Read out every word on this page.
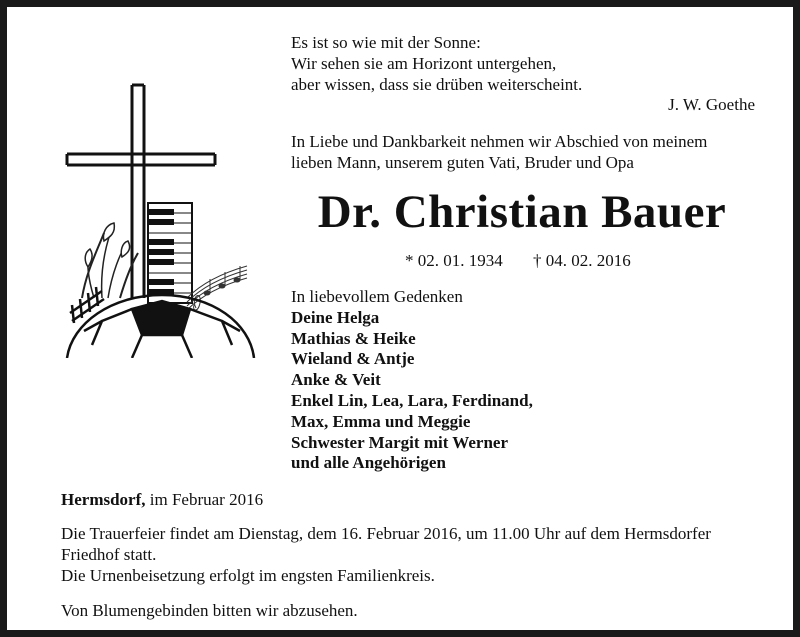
Es ist so wie mit der Sonne:
Wir sehen sie am Horizont untergehen,
aber wissen, dass sie drüben weiterscheint.
J. W. Goethe
In Liebe und Dankbarkeit nehmen wir Abschied von meinem
lieben Mann, unserem guten Vati, Bruder und Opa
Dr. Christian Bauer
* 02. 01. 1934 † 04. 02. 2016
In liebevollem Gedenken
Deine Helga
Mathias & Heike
Wieland & Antje
Anke & Veit
Enkel Lin, Lea, Lara, Ferdinand,
Max, Emma und Meggie
Schwester Margit mit Werner
und alle Angehörigen
Hermsdorf, im Februar 2016
Die Trauerfeier findet am Dienstag, dem 16. Februar 2016, um 11.00 Uhr auf dem Hermsdorfer
Friedhof statt.
Die Urnenbeisetzung erfolgt im engsten Familienkreis.
Von Blumengebinden bitten wir abzusehen.
